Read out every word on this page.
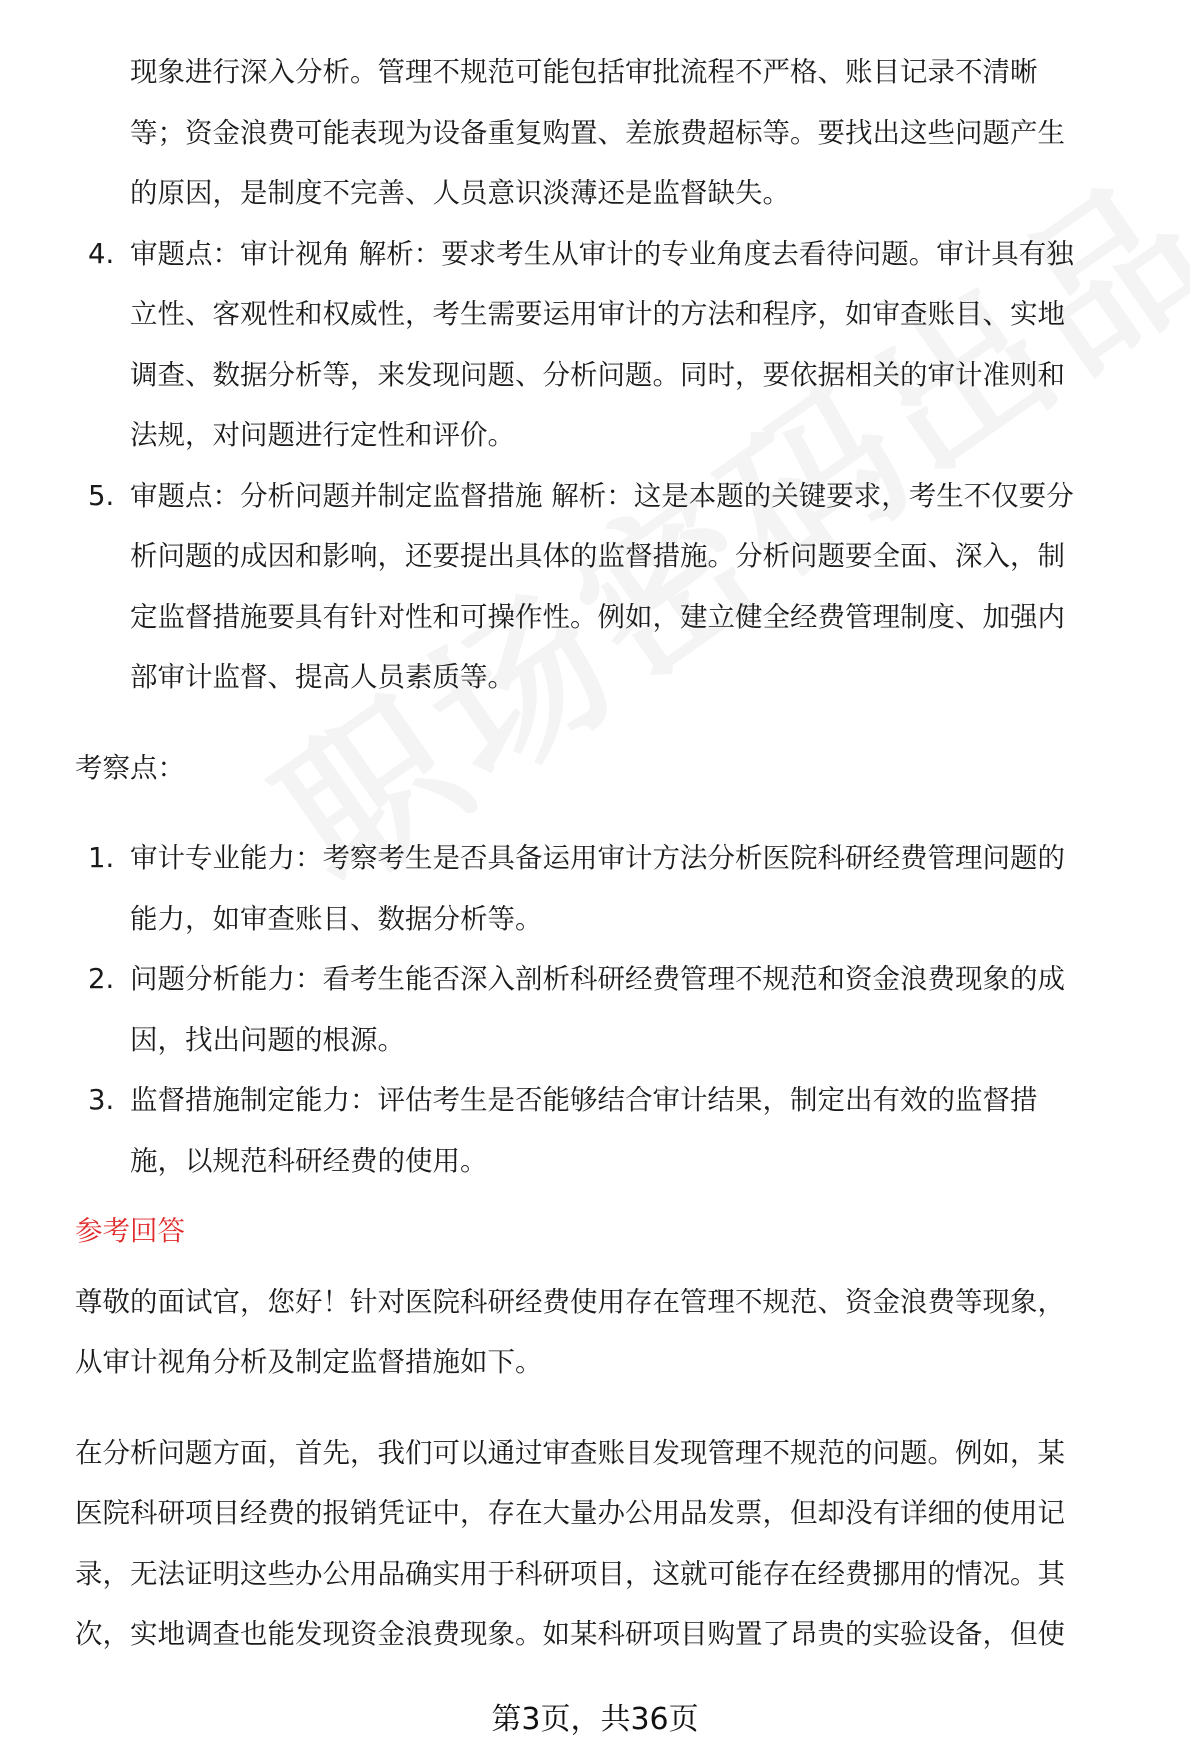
现象进行深入分析。管理不规范可能包括审批流程不严格、账目记录不清晰
等；资金浪费可能表现为设备重复购置、差旅费超标等。要找出这些问题产生
的原因，是制度不完善、人员意识淡薄还是监督缺失。
4. 审题点：审计视角 解析：要求考生从审计的专业角度去看待问题。审计具有独
立性、客观性和权威性，考生需要运用审计的方法和程序，如审查账目、实地
调查、数据分析等，来发现问题、分析问题。同时，要依据相关的审计准则和
法规，对问题进行定性和评价。
5. 审题点：分析问题并制定监督措施 解析：这是本题的关键要求，考生不仅要分
析问题的成因和影响，还要提出具体的监督措施。分析问题要全面、深入，制
定监督措施要具有针对性和可操作性。例如，建立健全经费管理制度、加强内
部审计监督、提高人员素质等。
考察点：
1. 审计专业能力：考察考生是否具备运用审计方法分析医院科研经费管理问题的
能力，如审查账目、数据分析等。
2. 问题分析能力：看考生能否深入剖析科研经费管理不规范和资金浪费现象的成
因，找出问题的根源。
3. 监督措施制定能力：评估考生是否能够结合审计结果，制定出有效的监督措
施，以规范科研经费的使用。
参考回答
尊敬的面试官，您好！针对医院科研经费使用存在管理不规范、资金浪费等现象，
从审计视角分析及制定监督措施如下。
在分析问题方面，首先，我们可以通过审查账目发现管理不规范的问题。例如，某
医院科研项目经费的报销凭证中，存在大量办公用品发票，但却没有详细的使用记
录，无法证明这些办公用品确实用于科研项目，这就可能存在经费挪用的情况。其
次，实地调查也能发现资金浪费现象。如某科研项目购置了昂贵的实验设备，但使
第3页，共36页
